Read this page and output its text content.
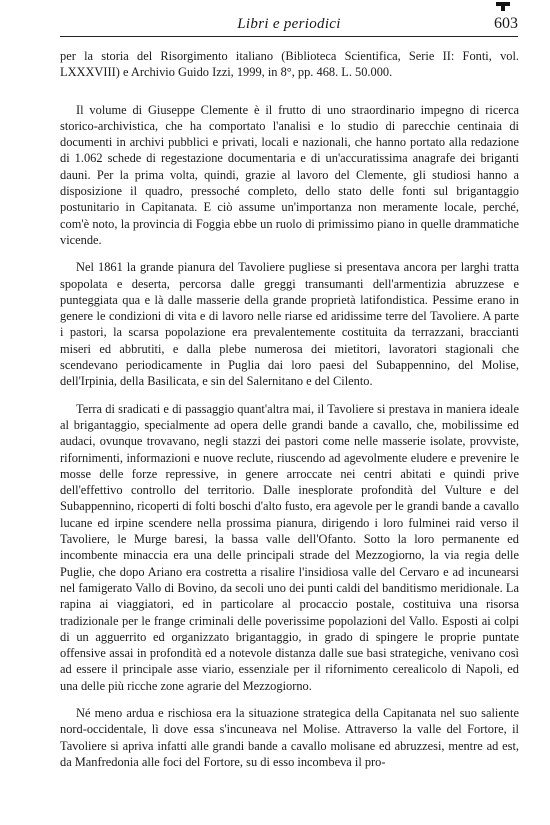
Libri e periodici	603

per la storia del Risorgimento italiano (Biblioteca Scientifica, Serie II: Fonti, vol. LXXXVIII) e Archivio Guido Izzi, 1999, in 8°, pp. 468. L. 50.000.

Il volume di Giuseppe Clemente è il frutto di uno straordinario impegno di ricerca storico-archivistica, che ha comportato l'analisi e lo studio di parecchie centinaia di documenti in archivi pubblici e privati, locali e nazionali, che hanno portato alla redazione di 1.062 schede di regestazione documentaria e di un'accuratissima anagrafe dei briganti dauni. Per la prima volta, quindi, grazie al lavoro del Clemente, gli studiosi hanno a disposizione il quadro, pressoché completo, dello stato delle fonti sul brigantaggio postunitario in Capitanata. E ciò assume un'importanza non meramente locale, perché, com'è noto, la provincia di Foggia ebbe un ruolo di primissimo piano in quelle drammatiche vicende.

Nel 1861 la grande pianura del Tavoliere pugliese si presentava ancora per larghi tratta spopolata e deserta, percorsa dalle greggi transumanti dell'armentizia abruzzese e punteggiata qua e là dalle masserie della grande proprietà latifondistica. Pessime erano in genere le condizioni di vita e di lavoro nelle riarse ed aridissime terre del Tavoliere. A parte i pastori, la scarsa popolazione era prevalentemente costituita da terrazzani, braccianti miseri ed abbrutiti, e dalla plebe numerosa dei mietitori, lavoratori stagionali che scendevano periodicamente in Puglia dai loro paesi del Subappennino, del Molise, dell'Irpinia, della Basilicata, e sin del Salernitano e del Cilento.

Terra di sradicati e di passaggio quant'altra mai, il Tavoliere si prestava in maniera ideale al brigantaggio, specialmente ad opera delle grandi bande a cavallo, che, mobilissime ed audaci, ovunque trovavano, negli stazzi dei pastori come nelle masserie isolate, provviste, rifornimenti, informazioni e nuove reclute, riuscendo ad agevolmente eludere e prevenire le mosse delle forze repressive, in genere arroccate nei centri abitati e quindi prive dell'effettivo controllo del territorio. Dalle inesplorate profondità del Vulture e del Subappennino, ricoperti di folti boschi d'alto fusto, era agevole per le grandi bande a cavallo lucane ed irpine scendere nella prossima pianura, dirigendo i loro fulminei raid verso il Tavoliere, le Murge baresi, la bassa valle dell'Ofanto. Sotto la loro permanente ed incombente minaccia era una delle principali strade del Mezzogiorno, la via regia delle Puglie, che dopo Ariano era costretta a risalire l'insidiosa valle del Cervaro e ad incunearsi nel famigerato Vallo di Bovino, da secoli uno dei punti caldi del banditismo meridionale. La rapina ai viaggiatori, ed in particolare al procaccio postale, costituiva una risorsa tradizionale per le frange criminali delle poverissime popolazioni del Vallo. Esposti ai colpi di un agguerrito ed organizzato brigantaggio, in grado di spingere le proprie puntate offensive assai in profondità ed a notevole distanza dalle sue basi strategiche, venivano così ad essere il principale asse viario, essenziale per il rifornimento cerealicolo di Napoli, ed una delle più ricche zone agrarie del Mezzogiorno.

Né meno ardua e rischiosa era la situazione strategica della Capitanata nel suo saliente nord-occidentale, lì dove essa s'incuneava nel Molise. Attraverso la valle del Fortore, il Tavoliere si apriva infatti alle grandi bande a cavallo molisane ed abruzzesi, mentre ad est, da Manfredonia alle foci del Fortore, su di esso incombeva il pro-
